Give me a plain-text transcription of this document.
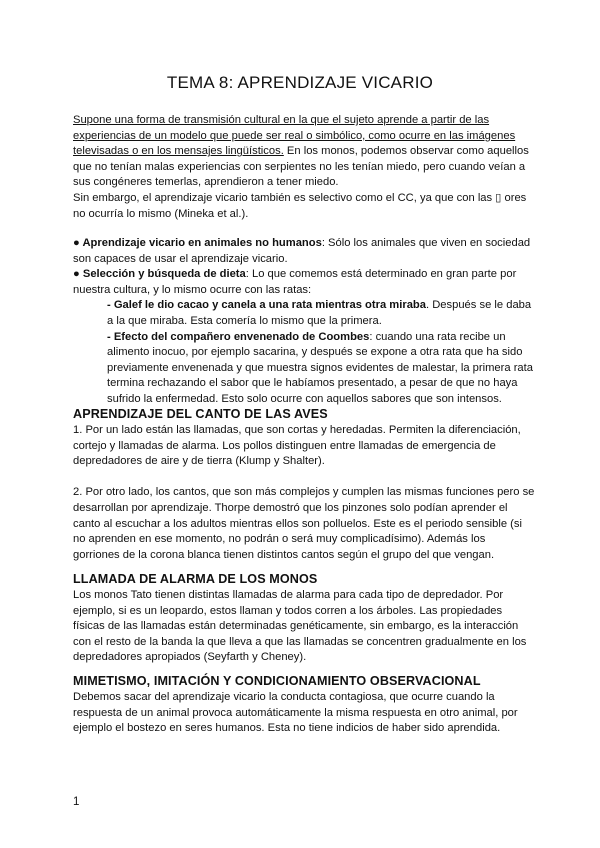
TEMA 8: APRENDIZAJE VICARIO

Supone una forma de transmisión cultural en la que el sujeto aprende a partir de las experiencias de un modelo que puede ser real o simbólico, como ocurre en las imágenes televisadas o en los mensajes lingüísticos. En los monos, podemos observar como aquellos que no tenían malas experiencias con serpientes no les tenían miedo, pero cuando veían a sus congéneres temerlas, aprendieron a tener miedo.

Sin embargo, el aprendizaje vicario también es selectivo como el CC, ya que con las ▯ ores no ocurría lo mismo (Mineka et al.).

● Aprendizaje vicario en animales no humanos: Sólo los animales que viven en sociedad son capaces de usar el aprendizaje vicario.

● Selección y búsqueda de dieta: Lo que comemos está determinado en gran parte por nuestra cultura, y lo mismo ocurre con las ratas:

- Galef le dio cacao y canela a una rata mientras otra miraba. Después se le daba a la que miraba. Esta comería lo mismo que la primera.

- Efecto del compañero envenenado de Coombes: cuando una rata recibe un alimento inocuo, por ejemplo sacarina, y después se expone a otra rata que ha sido previamente envenenada y que muestra signos evidentes de malestar, la primera rata termina rechazando el sabor que le habíamos presentado, a pesar de que no haya sufrido la enfermedad. Esto solo ocurre con aquellos sabores que son intensos.

APRENDIZAJE DEL CANTO DE LAS AVES

1. Por un lado están las llamadas, que son cortas y heredadas. Permiten la diferenciación, cortejo y llamadas de alarma. Los pollos distinguen entre llamadas de emergencia de depredadores de aire y de tierra (Klump y Shalter).

2. Por otro lado, los cantos, que son más complejos y cumplen las mismas funciones pero se desarrollan por aprendizaje. Thorpe demostró que los pinzones solo podían aprender el canto al escuchar a los adultos mientras ellos son polluelos. Este es el periodo sensible (si no aprenden en ese momento, no podrán o será muy complicadísimo). Además los gorriones de la corona blanca tienen distintos cantos según el grupo del que vengan.

LLAMADA DE ALARMA DE LOS MONOS

Los monos Tato tienen distintas llamadas de alarma para cada tipo de depredador. Por ejemplo, si es un leopardo, estos llaman y todos corren a los árboles. Las propiedades físicas de las llamadas están determinadas genéticamente, sin embargo, es la interacción con el resto de la banda la que lleva a que las llamadas se concentren gradualmente en los depredadores apropiados (Seyfarth y Cheney).

MIMETISMO, IMITACIÓN Y CONDICIONAMIENTO OBSERVACIONAL

Debemos sacar del aprendizaje vicario la conducta contagiosa, que ocurre cuando la respuesta de un animal provoca automáticamente la misma respuesta en otro animal, por ejemplo el bostezo en seres humanos. Esta no tiene indicios de haber sido aprendida.

1
